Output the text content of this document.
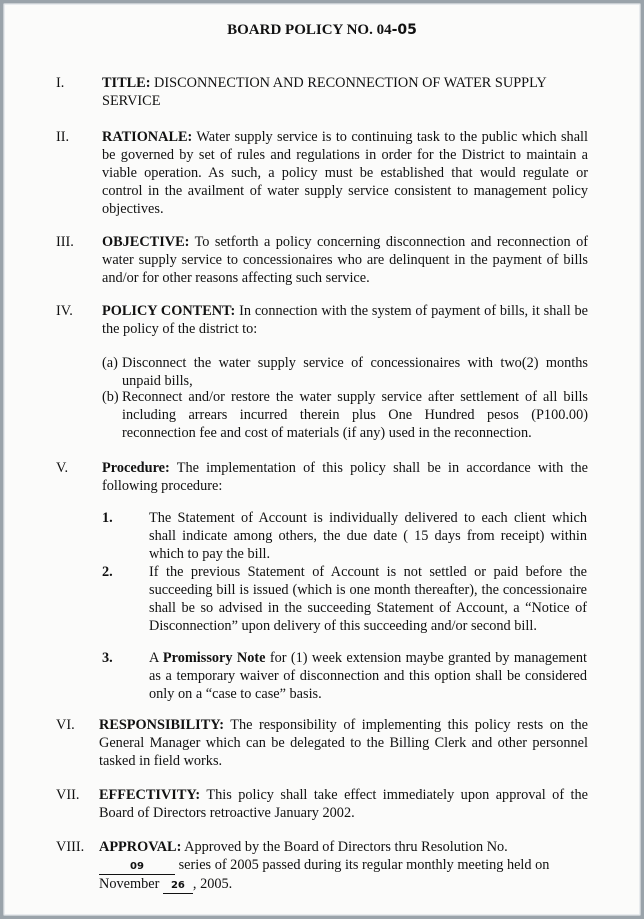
BOARD POLICY NO. 04-05
I.	TITLE: DISCONNECTION AND RECONNECTION OF WATER SUPPLY SERVICE
II. RATIONALE: Water supply service is to continuing task to the public which shall be governed by set of rules and regulations in order for the District to maintain a viable operation. As such, a policy must be established that would regulate or control in the availment of water supply service consistent to management policy objectives.
III. OBJECTIVE: To setforth a policy concerning disconnection and reconnection of water supply service to concessionaires who are delinquent in the payment of bills and/or for other reasons affecting such service.
IV. POLICY CONTENT: In connection with the system of payment of bills, it shall be the policy of the district to:
(a) Disconnect the water supply service of concessionaires with two(2) months unpaid bills,
(b) Reconnect and/or restore the water supply service after settlement of all bills including arrears incurred therein plus One Hundred pesos (P100.00) reconnection fee and cost of materials (if any) used in the reconnection.
V. Procedure: The implementation of this policy shall be in accordance with the following procedure:
1.	The Statement of Account is individually delivered to each client which shall indicate among others, the due date ( 15 days from receipt) within which to pay the bill.
2.	If the previous Statement of Account is not settled or paid before the succeeding bill is issued (which is one month thereafter), the concessionaire shall be so advised in the succeeding Statement of Account, a “Notice of Disconnection” upon delivery of this succeeding and/or second bill.
3.	A Promissory Note for (1) week extension maybe granted by management as a temporary waiver of disconnection and this option shall be considered only on a “case to case” basis.
VI. RESPONSIBILITY: The responsibility of implementing this policy rests on the General Manager which can be delegated to the Billing Clerk and other personnel tasked in field works.
VII. EFFECTIVITY: This policy shall take effect immediately upon approval of the Board of Directors retroactive January 2002.
VIII. APPROVAL: Approved by the Board of Directors thru Resolution No.
09 series of 2005 passed during its regular monthly meeting held on
November 26 , 2005.
